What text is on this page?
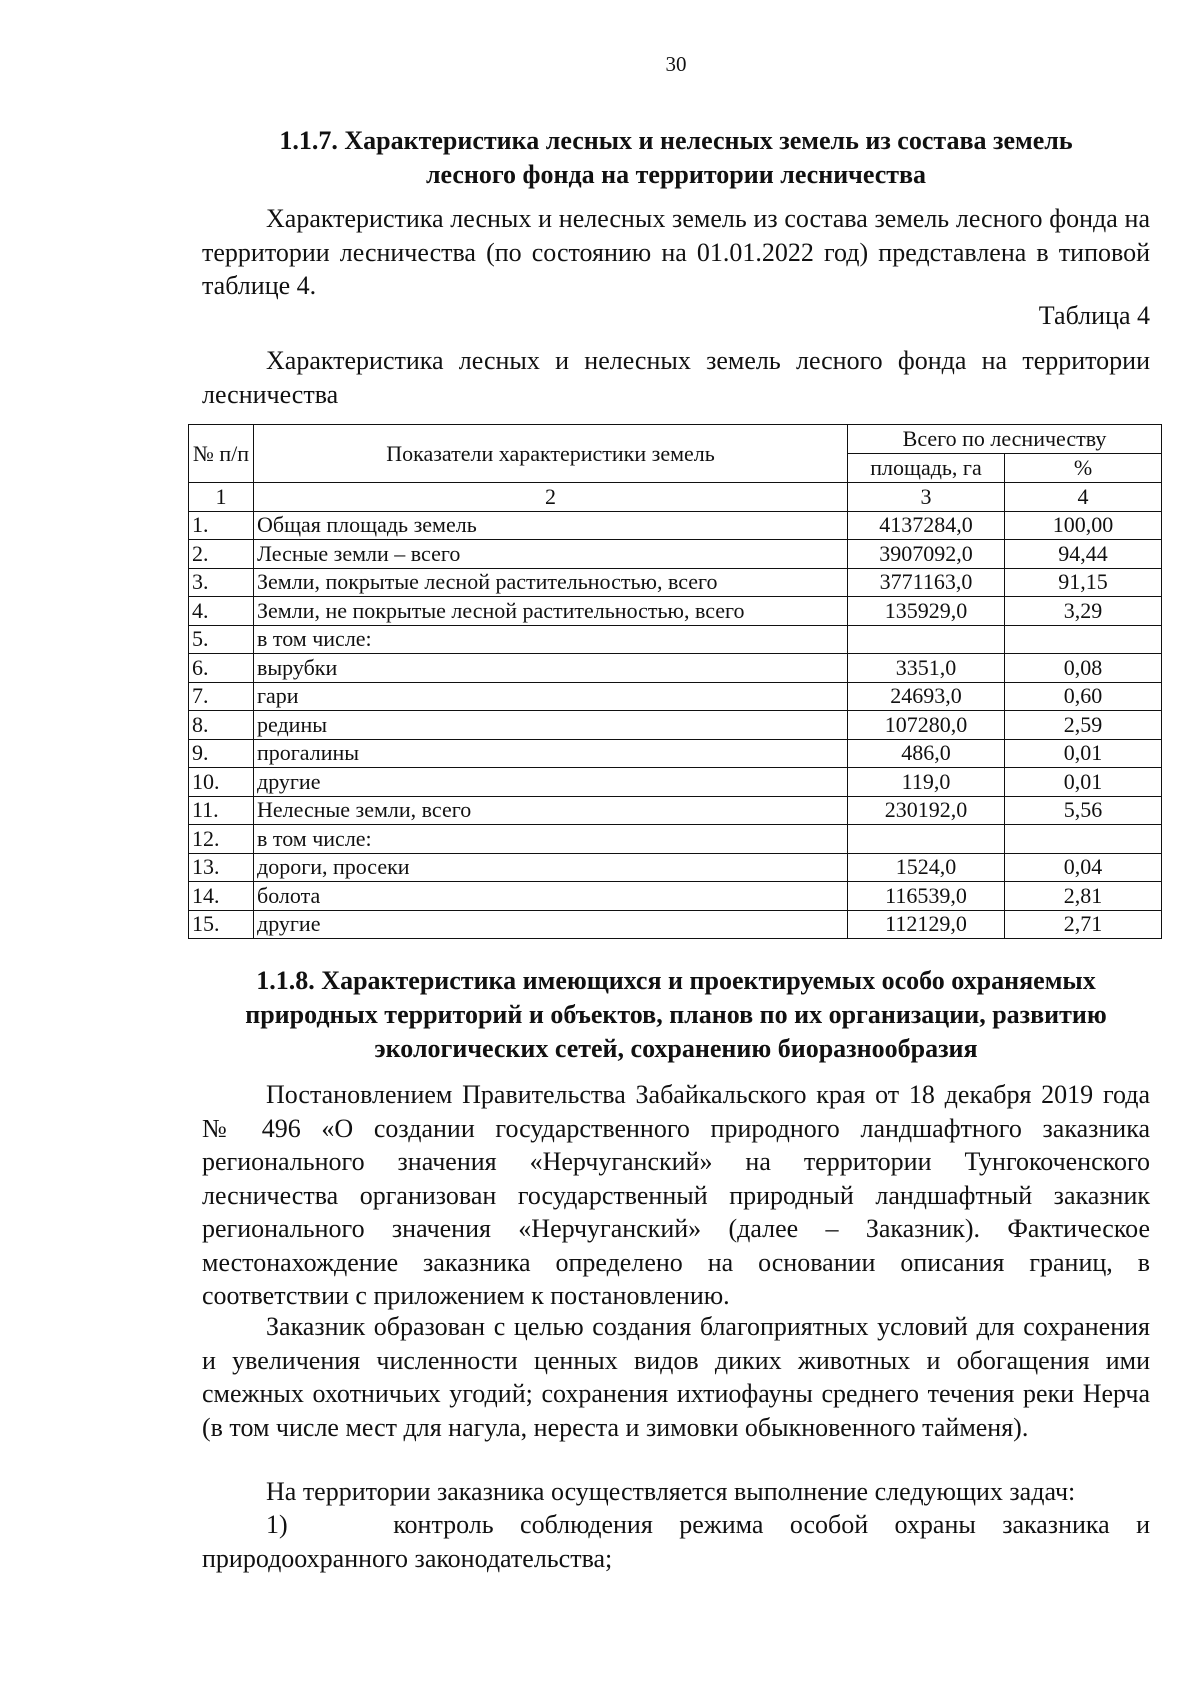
30
1.1.7. Характеристика лесных и нелесных земель из состава земель
лесного фонда на территории лесничества
Характеристика лесных и нелесных земель из состава земель лесного фонда на территории лесничества (по состоянию на 01.01.2022 год) представлена в типовой таблице 4.
Таблица 4
Характеристика лесных и нелесных земель лесного фонда на территории лесничества
№ п/п	Показатели характеристики земель	Всего по лесничеству	
		площадь, га	%
1	2	3	4
1.	Общая площадь земель	4137284,0	100,00
2.	Лесные земли – всего	3907092,0	94,44
3.	Земли, покрытые лесной растительностью, всего	3771163,0	91,15
4.	Земли, не покрытые лесной растительностью, всего	135929,0	3,29
5.	в том числе:		
6.	вырубки	3351,0	0,08
7.	гари	24693,0	0,60
8.	редины	107280,0	2,59
9.	прогалины	486,0	0,01
10.	другие	119,0	0,01
11.	Нелесные земли, всего	230192,0	5,56
12.	в том числе:		
13.	дороги, просеки	1524,0	0,04
14.	болота	116539,0	2,81
15.	другие	112129,0	2,71
1.1.8. Характеристика имеющихся и проектируемых особо охраняемых
природных территорий и объектов, планов по их организации, развитию
экологических сетей, сохранению биоразнообразия
Постановлением Правительства Забайкальского края от 18 декабря 2019 года № 496 «О создании государственного природного ландшафтного заказника регионального значения «Нерчуганский» на территории Тунгокоченского лесничества организован государственный природный ландшафтный заказник регионального значения «Нерчуганский» (далее – Заказник). Фактическое местонахождение заказника определено на основании описания границ, в соответствии с приложением к постановлению.
Заказник образован с целью создания благоприятных условий для сохранения и увеличения численности ценных видов диких животных и обогащения ими смежных охотничьих угодий; сохранения ихтиофауны среднего течения реки Нерча (в том числе мест для нагула, нереста и зимовки обыкновенного тайменя).
На территории заказника осуществляется выполнение следующих задач:
1)    контроль соблюдения режима особой охраны заказника и природоохранного законодательства;
